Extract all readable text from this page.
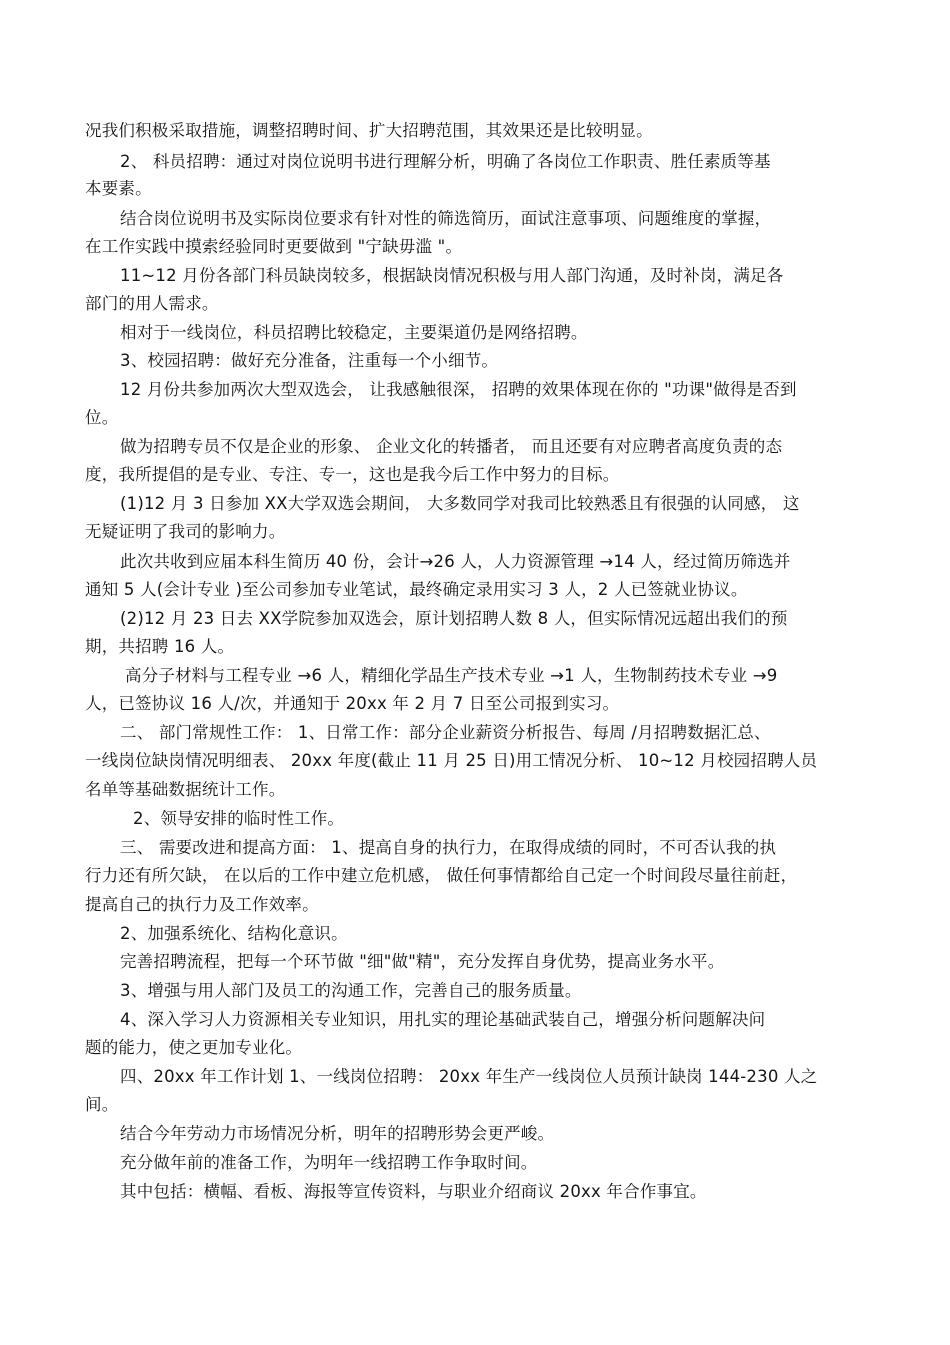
况我们积极采取措施，调整招聘时间、扩大招聘范围，其效果还是比较明显。
2、 科员招聘：通过对岗位说明书进行理解分析，明确了各岗位工作职责、胜任素质等基
本要素。
结合岗位说明书及实际岗位要求有针对性的筛选简历，面试注意事项、问题维度的掌握，
在工作实践中摸索经验同时更要做到 "宁缺毋滥 "。
11~12 月份各部门科员缺岗较多，根据缺岗情况积极与用人部门沟通，及时补岗，满足各
部门的用人需求。
相对于一线岗位，科员招聘比较稳定，主要渠道仍是网络招聘。
3、校园招聘：做好充分准备，注重每一个小细节。
12 月份共参加两次大型双选会， 让我感触很深， 招聘的效果体现在你的 "功课"做得是否到
位。
做为招聘专员不仅是企业的形象、 企业文化的转播者， 而且还要有对应聘者高度负责的态
度，我所提倡的是专业、专注、专一，这也是我今后工作中努力的目标。
(1)12 月 3 日参加 XX大学双选会期间， 大多数同学对我司比较熟悉且有很强的认同感， 这
无疑证明了我司的影响力。
此次共收到应届本科生简历 40 份，会计→26 人，人力资源管理 →14 人，经过简历筛选并
通知 5 人(会计专业 )至公司参加专业笔试，最终确定录用实习 3 人，2 人已签就业协议。
(2)12 月 23 日去 XX学院参加双选会，原计划招聘人数 8 人，但实际情况远超出我们的预
期，共招聘 16 人。
高分子材料与工程专业 →6 人，精细化学品生产技术专业 →1 人，生物制药技术专业 →9
人，已签协议 16 人/次，并通知于 20xx 年 2 月 7 日至公司报到实习。
二、 部门常规性工作： 1、日常工作：部分企业薪资分析报告、每周 /月招聘数据汇总、
一线岗位缺岗情况明细表、 20xx 年度(截止 11 月 25 日)用工情况分析、 10~12 月校园招聘人员
名单等基础数据统计工作。
2、领导安排的临时性工作。
三、 需要改进和提高方面： 1、提高自身的执行力，在取得成绩的同时，不可否认我的执
行力还有所欠缺， 在以后的工作中建立危机感， 做任何事情都给自己定一个时间段尽量往前赶，
提高自己的执行力及工作效率。
2、加强系统化、结构化意识。
完善招聘流程，把每一个环节做 "细"做"精"，充分发挥自身优势，提高业务水平。
3、增强与用人部门及员工的沟通工作，完善自己的服务质量。
4、深入学习人力资源相关专业知识，用扎实的理论基础武装自己，增强分析问题解决问
题的能力，使之更加专业化。
四、20xx 年工作计划 1、一线岗位招聘： 20xx 年生产一线岗位人员预计缺岗 144-230 人之
间。
结合今年劳动力市场情况分析，明年的招聘形势会更严峻。
充分做年前的准备工作，为明年一线招聘工作争取时间。
其中包括：横幅、看板、海报等宣传资料，与职业介绍商议 20xx 年合作事宜。
